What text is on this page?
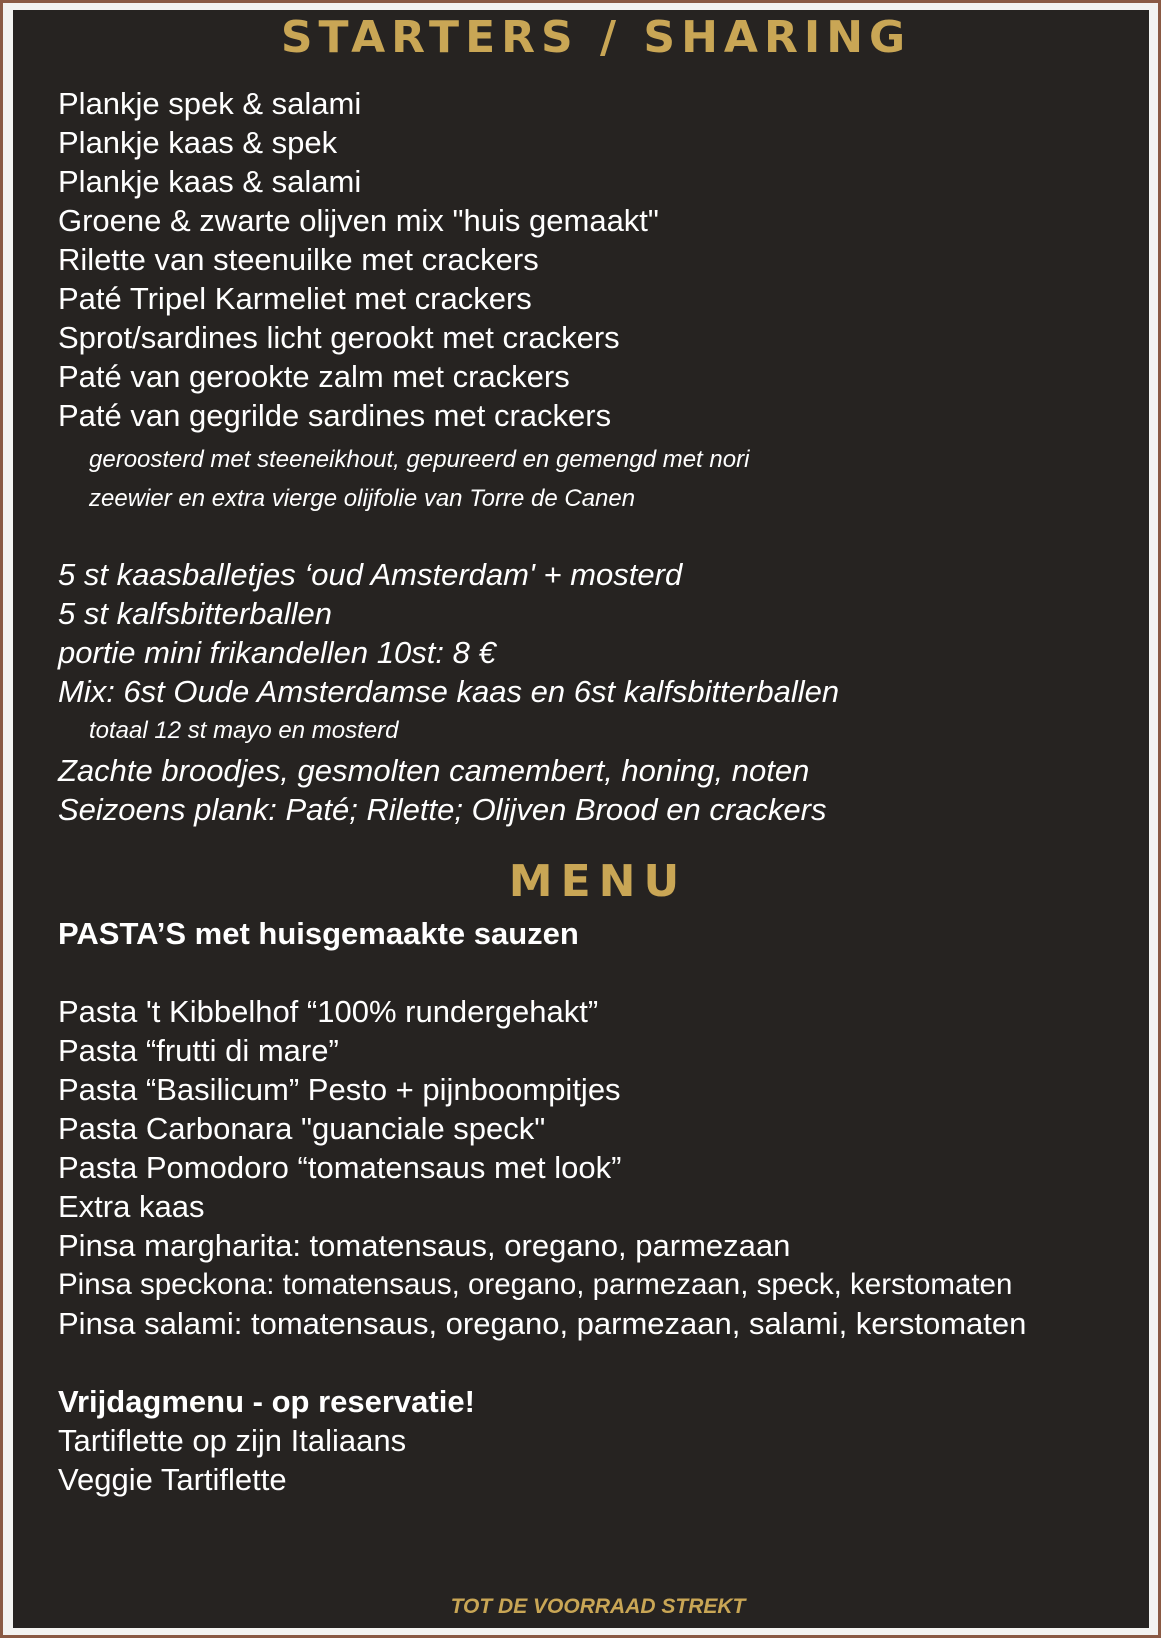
STARTERS / SHARING

Plankje spek & salami

Plankje kaas & spek

Plankje kaas & salami

Groene & zwarte olijven mix "huis gemaakt"

Rilette van steenuilke met crackers

Paté Tripel Karmeliet met crackers

Sprot/sardines licht gerookt met crackers

Paté van gerookte zalm met crackers

Paté van gegrilde sardines met crackers

geroosterd met steeneikhout, gepureerd en gemengd met nori

zeewier en extra vierge olijfolie van Torre de Canen

5 st kaasballetjes ‘oud Amsterdam' + mosterd

5 st kalfsbitterballen

portie mini frikandellen 10st: 8 €

Mix: 6st Oude Amsterdamse kaas en 6st kalfsbitterballen

totaal 12 st mayo en mosterd

Zachte broodjes, gesmolten camembert, honing, noten

Seizoens plank: Paté; Rilette; Olijven Brood en crackers

MENU

PASTA’S met huisgemaakte sauzen

Pasta 't Kibbelhof “100% rundergehakt”

Pasta “frutti di mare”

Pasta “Basilicum” Pesto + pijnboompitjes

Pasta Carbonara "guanciale speck"

Pasta Pomodoro “tomatensaus met look”

Extra kaas

Pinsa margharita: tomatensaus, oregano, parmezaan

Pinsa speckona: tomatensaus, oregano, parmezaan, speck, kerstomaten

Pinsa salami: tomatensaus, oregano, parmezaan, salami, kerstomaten

Vrijdagmenu - op reservatie!

Tartiflette op zijn Italiaans

Veggie Tartiflette

TOT DE VOORRAAD STREKT
